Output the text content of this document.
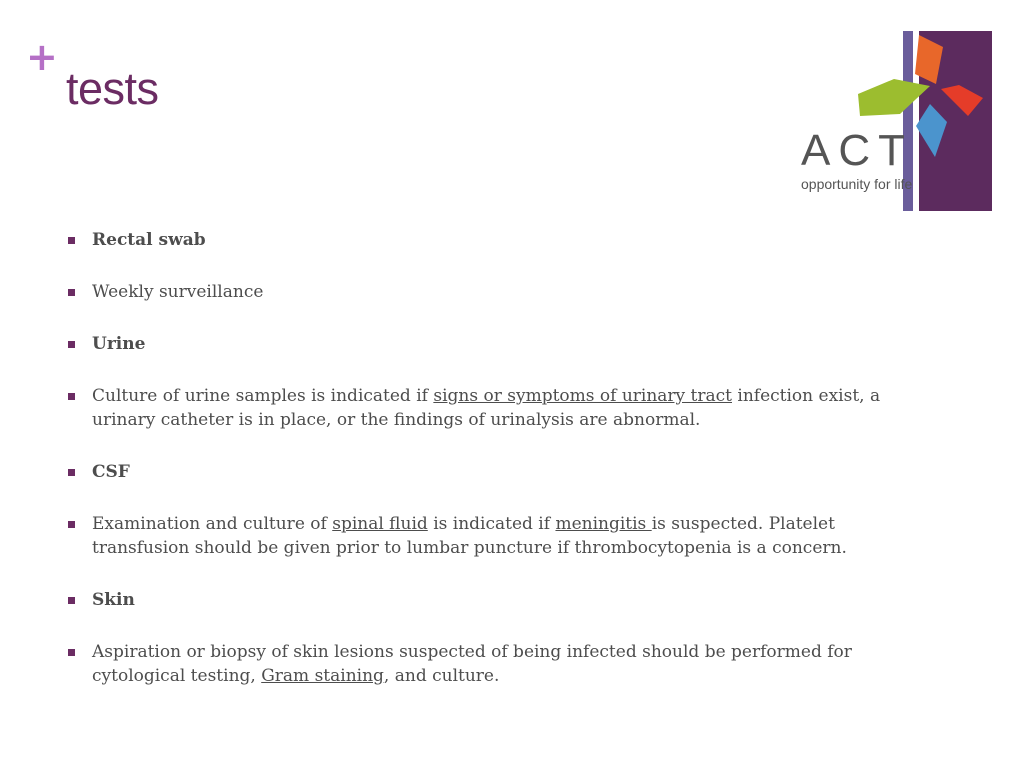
+
tests
ACT
opportunity for life
Rectal swab
Weekly surveillance
Urine
Culture of urine samples is indicated if signs or symptoms of urinary tract infection exist, a urinary catheter is in place, or the findings of urinalysis are abnormal.
CSF
Examination and culture of spinal fluid is indicated if meningitis is suspected. Platelet transfusion should be given prior to lumbar puncture if thrombocytopenia is a concern.
Skin
Aspiration or biopsy of skin lesions suspected of being infected should be performed for cytological testing, Gram staining, and culture.
